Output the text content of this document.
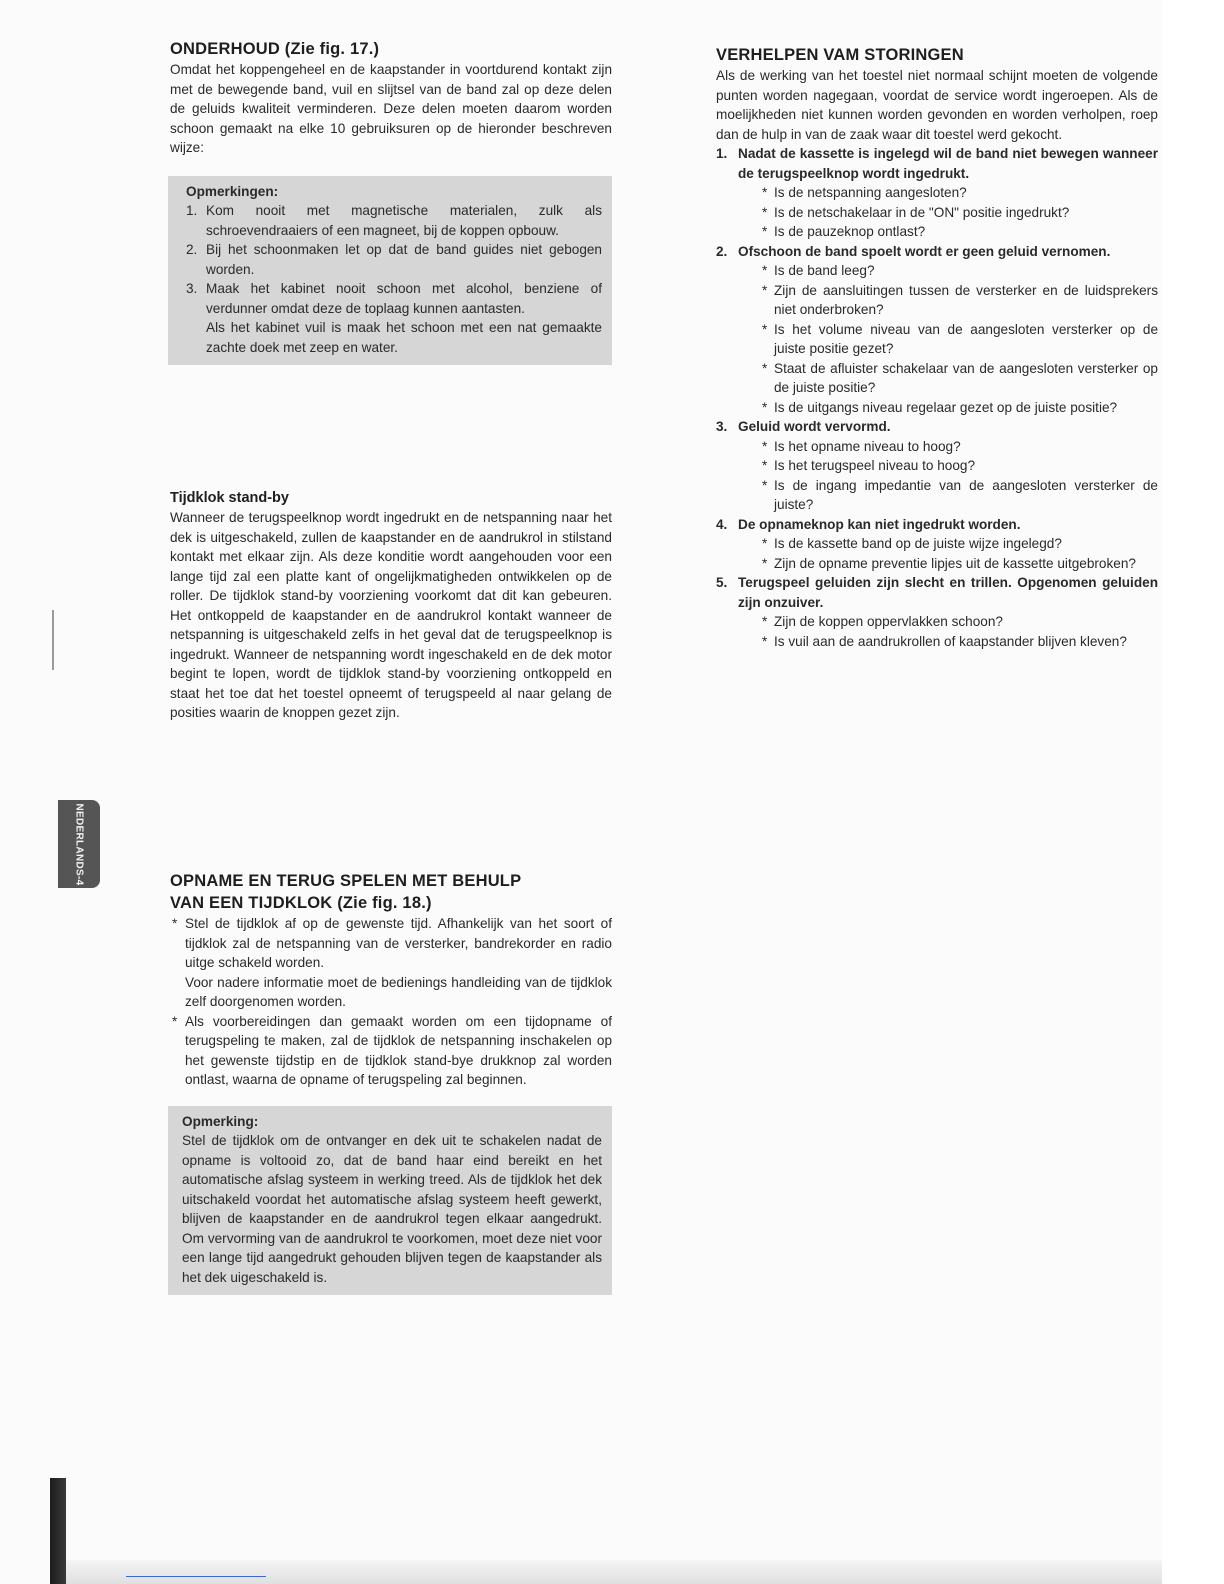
NEDERLANDS-4
ONDERHOUD (Zie fig. 17.)

Omdat het koppengeheel en de kaapstander in voortdurend kontakt zijn met de bewegende band, vuil en slijtsel van de band zal op deze delen de geluids kwaliteit verminderen. Deze delen moeten daarom worden schoon gemaakt na elke 10 gebruiksuren op de hieronder beschreven wijze:

Opmerkingen:
1. Kom nooit met magnetische materialen, zulk als schroevendraaiers of een magneet, bij de koppen opbouw.
2. Bij het schoonmaken let op dat de band guides niet gebogen worden.
3. Maak het kabinet nooit schoon met alcohol, benziene of verdunner omdat deze de toplaag kunnen aantasten.
Als het kabinet vuil is maak het schoon met een nat gemaakte zachte doek met zeep en water.
Tijdklok stand-by

Wanneer de terugspeelknop wordt ingedrukt en de netspanning naar het dek is uitgeschakeld, zullen de kaapstander en de aandrukrol in stilstand kontakt met elkaar zijn. Als deze konditie wordt aangehouden voor een lange tijd zal een platte kant of ongelijkmatigheden ontwikkelen op de roller. De tijdklok stand-by voorziening voorkomt dat dit kan gebeuren. Het ontkoppeld de kaapstander en de aandrukrol kontakt wanneer de netspanning is uitgeschakeld zelfs in het geval dat de terugspeelknop is ingedrukt. Wanneer de netspanning wordt ingeschakeld en de dek motor begint te lopen, wordt de tijdklok stand-by voorziening ontkoppeld en staat het toe dat het toestel opneemt of terugspeeld al naar gelang de posities waarin de knoppen gezet zijn.

OPNAME EN TERUG SPELEN MET BEHULP
VAN EEN TIJDKLOK (Zie fig. 18.)
* Stel de tijdklok af op de gewenste tijd. Afhankelijk van het soort of tijdklok zal de netspanning van de versterker, bandrekorder en radio uitge schakeld worden.
Voor nadere informatie moet de bedienings handleiding van de tijdklok zelf doorgenomen worden.
* Als voorbereidingen dan gemaakt worden om een tijdopname of terugspeling te maken, zal de tijdklok de netspanning inschakelen op het gewenste tijdstip en de tijdklok stand-bye drukknop zal worden ontlast, waarna de opname of terugspeling zal beginnen.
Opmerking:

Stel de tijdklok om de ontvanger en dek uit te schakelen nadat de opname is voltooid zo, dat de band haar eind bereikt en het automatische afslag systeem in werking treed. Als de tijdklok het dek uitschakeld voordat het automatische afslag systeem heeft gewerkt, blijven de kaapstander en de aandrukrol tegen elkaar aangedrukt. Om vervorming van de aandrukrol te voorkomen, moet deze niet voor een lange tijd aangedrukt gehouden blijven tegen de kaapstander als het dek uigeschakeld is.

VERHELPEN VAM STORINGEN

Als de werking van het toestel niet normaal schijnt moeten de volgende punten worden nagegaan, voordat de service wordt ingeroepen. Als de moelijkheden niet kunnen worden gevonden en worden verholpen, roep dan de hulp in van de zaak waar dit toestel werd gekocht.

1. Nadat de kassette is ingelegd wil de band niet bewegen wanneer de terugspeelknop wordt ingedrukt.
* Is de netspanning aangesloten?
* Is de netschakelaar in de "ON" positie ingedrukt?
* Is de pauzeknop ontlast?
2. Ofschoon de band spoelt wordt er geen geluid vernomen.
* Is de band leeg?
* Zijn de aansluitingen tussen de versterker en de luidsprekers niet onderbroken?
* Is het volume niveau van de aangesloten versterker op de juiste positie gezet?
* Staat de afluister schakelaar van de aangesloten versterker op de juiste positie?
* Is de uitgangs niveau regelaar gezet op de juiste positie?
3. Geluid wordt vervormd.
* Is het opname niveau to hoog?
* Is het terugspeel niveau to hoog?
* Is de ingang impedantie van de aangesloten versterker de juiste?
4. De opnameknop kan niet ingedrukt worden.
* Is de kassette band op de juiste wijze ingelegd?
* Zijn de opname preventie lipjes uit de kassette uitgebroken?
5. Terugspeel geluiden zijn slecht en trillen. Opgenomen geluiden zijn onzuiver.
* Zijn de koppen oppervlakken schoon?
* Is vuil aan de aandrukrollen of kaapstander blijven kleven?
